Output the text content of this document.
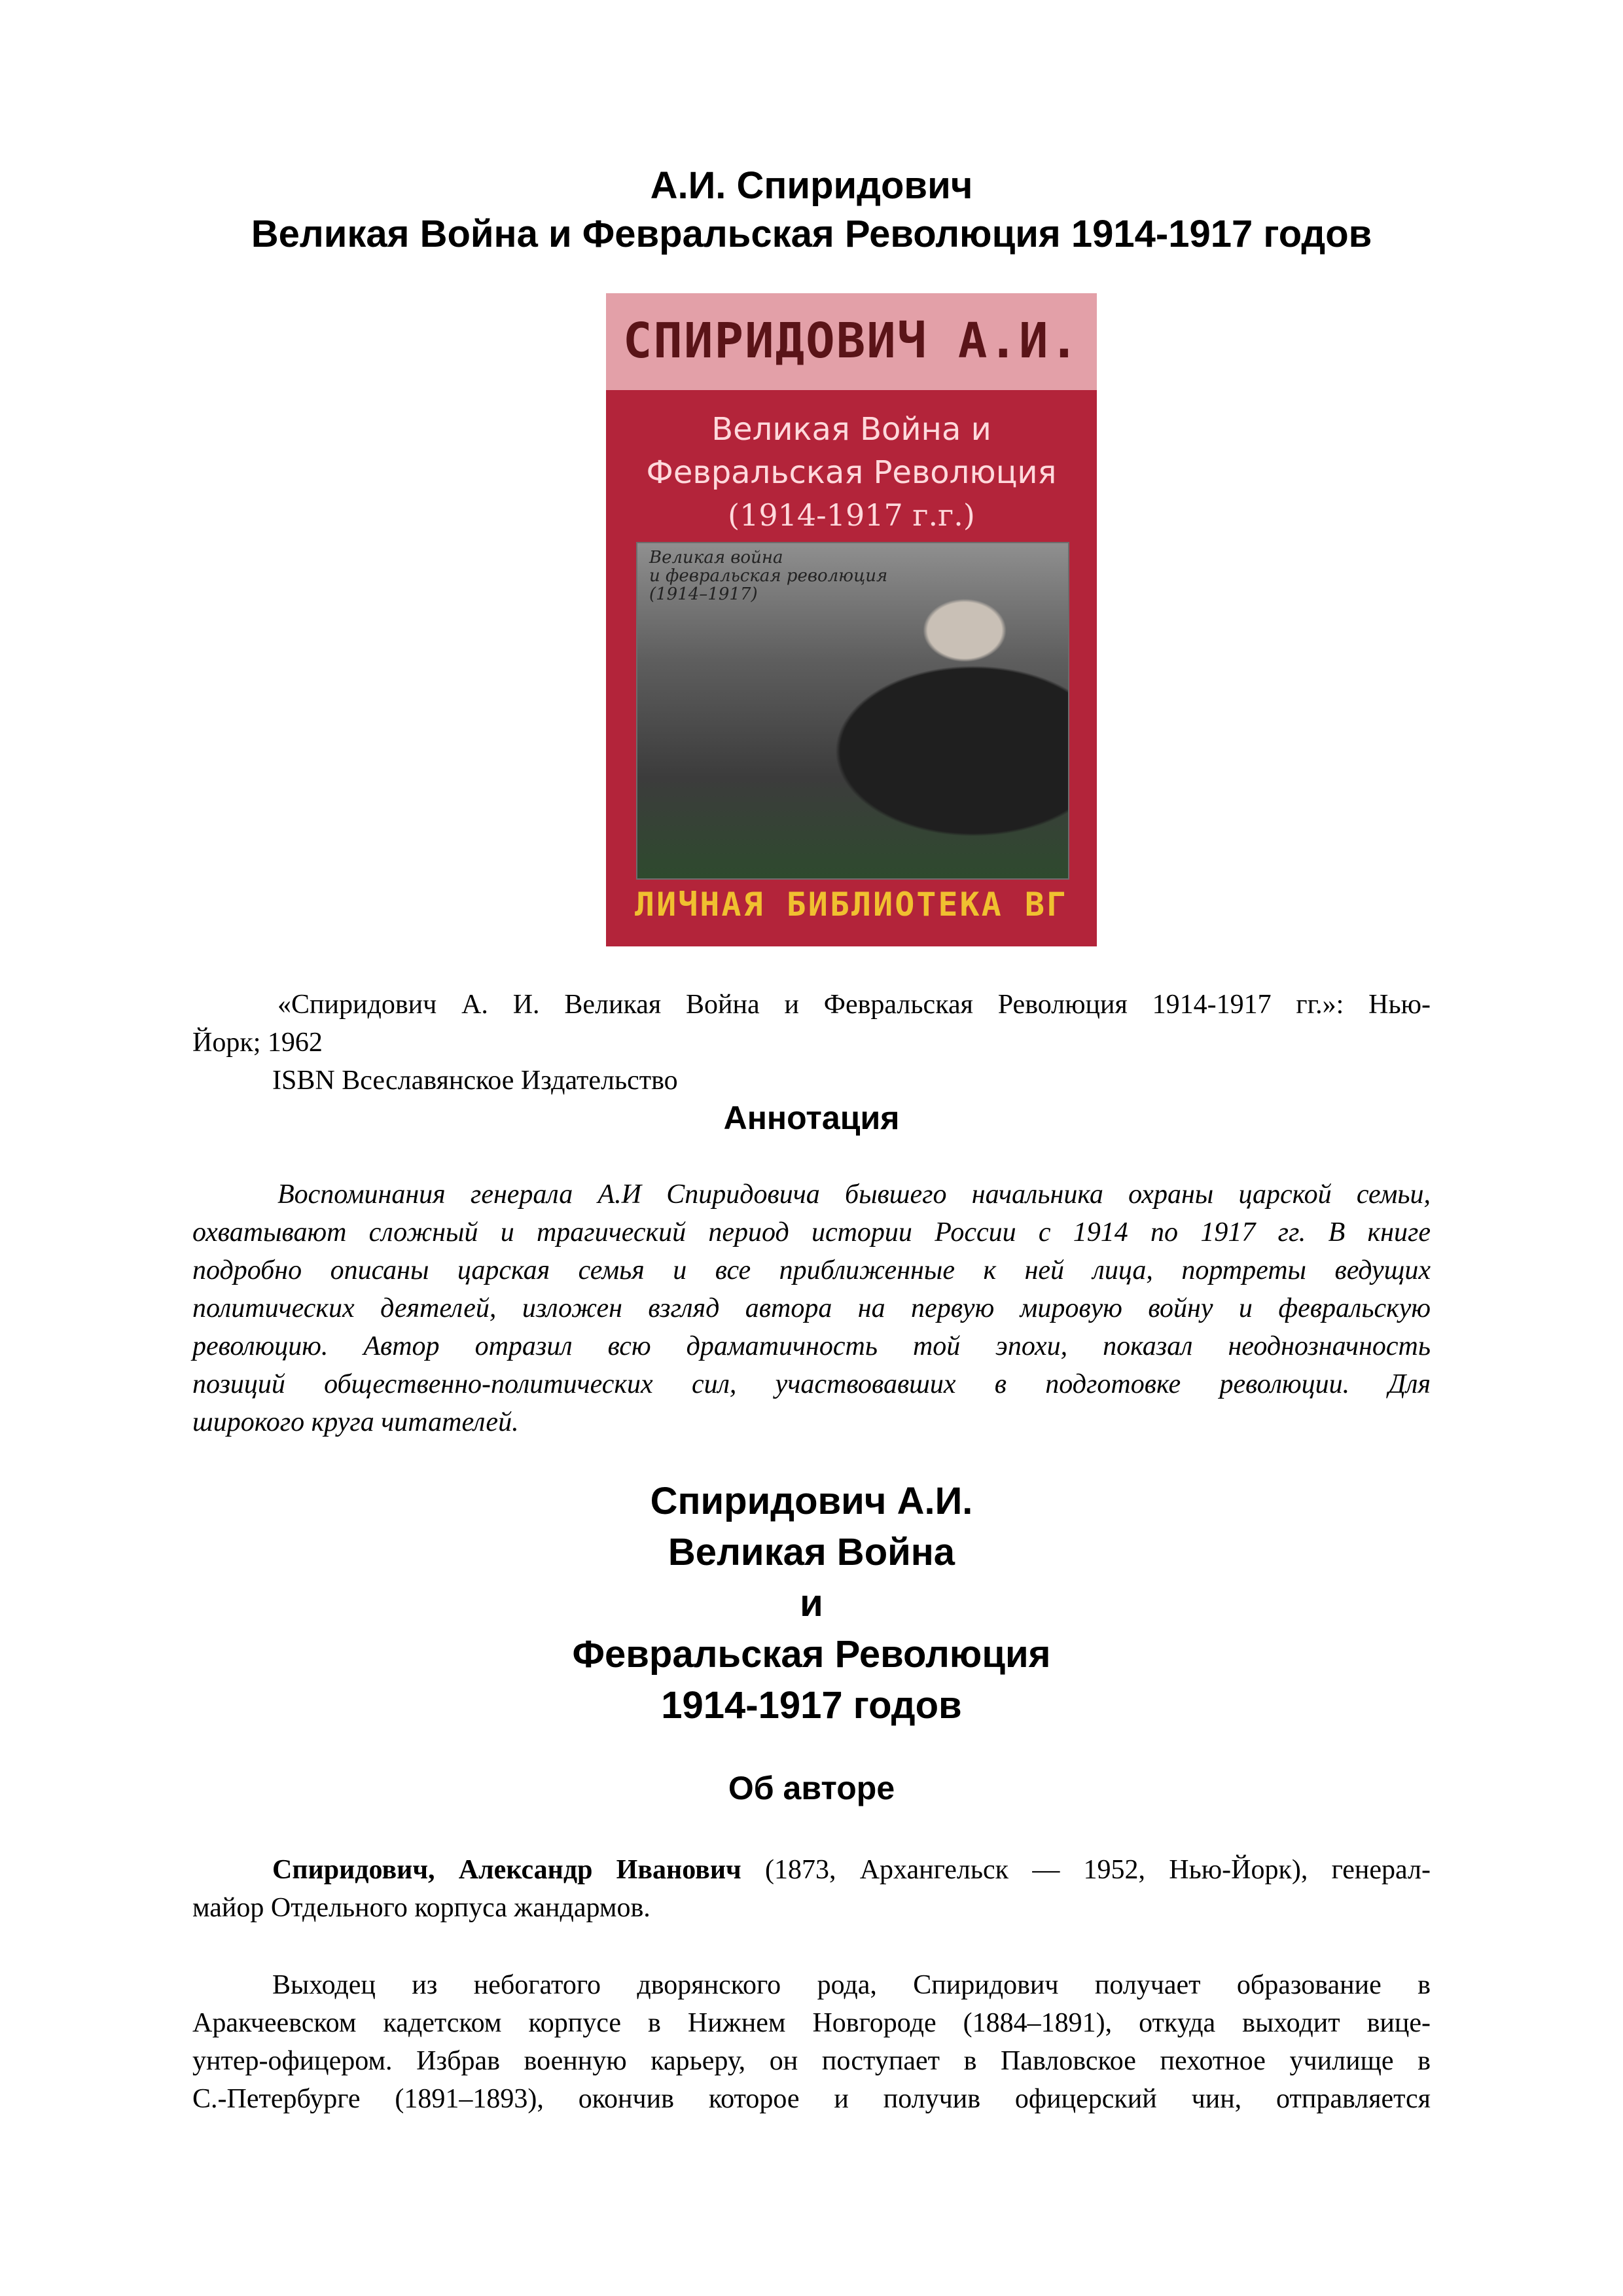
А.И. Спиридович
Великая Война и Февральская Революция 1914-1917 годов
СПИРИДОВИЧ А.И.
Великая Война и
Февральская Революция
(1914-1917 г.г.)
Великая война
и февральская революция
(1914–1917)
ЛИЧНАЯ БИБЛИОТЕКА ВГ
«Спиридович А. И. Великая Война и Февральская Революция 1914-1917 гг.»: Нью-
Йорк; 1962
ISBN Всеславянское Издательство
Аннотация
Воспоминания генерала А.И Спиридовича бывшего начальника охраны царской семьи,
охватывают сложный и трагический период истории России с 1914 по 1917 гг. В книге
подробно описаны царская семья и все приближенные к ней лица, портреты ведущих
политических деятелей, изложен взгляд автора на первую мировую войну и февральскую
революцию. Автор отразил всю драматичность той эпохи, показал неоднозначность
позиций общественно-политических сил, участвовавших в подготовке революции. Для
широкого круга читателей.
Спиридович А.И.
Великая Война
и
Февральская Революция
1914-1917 годов
Об авторе
Спиридович, Александр Иванович (1873, Архангельск — 1952, Нью-Йорк), генерал-
майор Отдельного корпуса жандармов.
Выходец из небогатого дворянского рода, Спиридович получает образование в
Аракчеевском кадетском корпусе в Нижнем Новгороде (1884–1891), откуда выходит вице-
унтер-офицером. Избрав военную карьеру, он поступает в Павловское пехотное училище в
С.-Петербурге (1891–1893), окончив которое и получив офицерский чин, отправляется
